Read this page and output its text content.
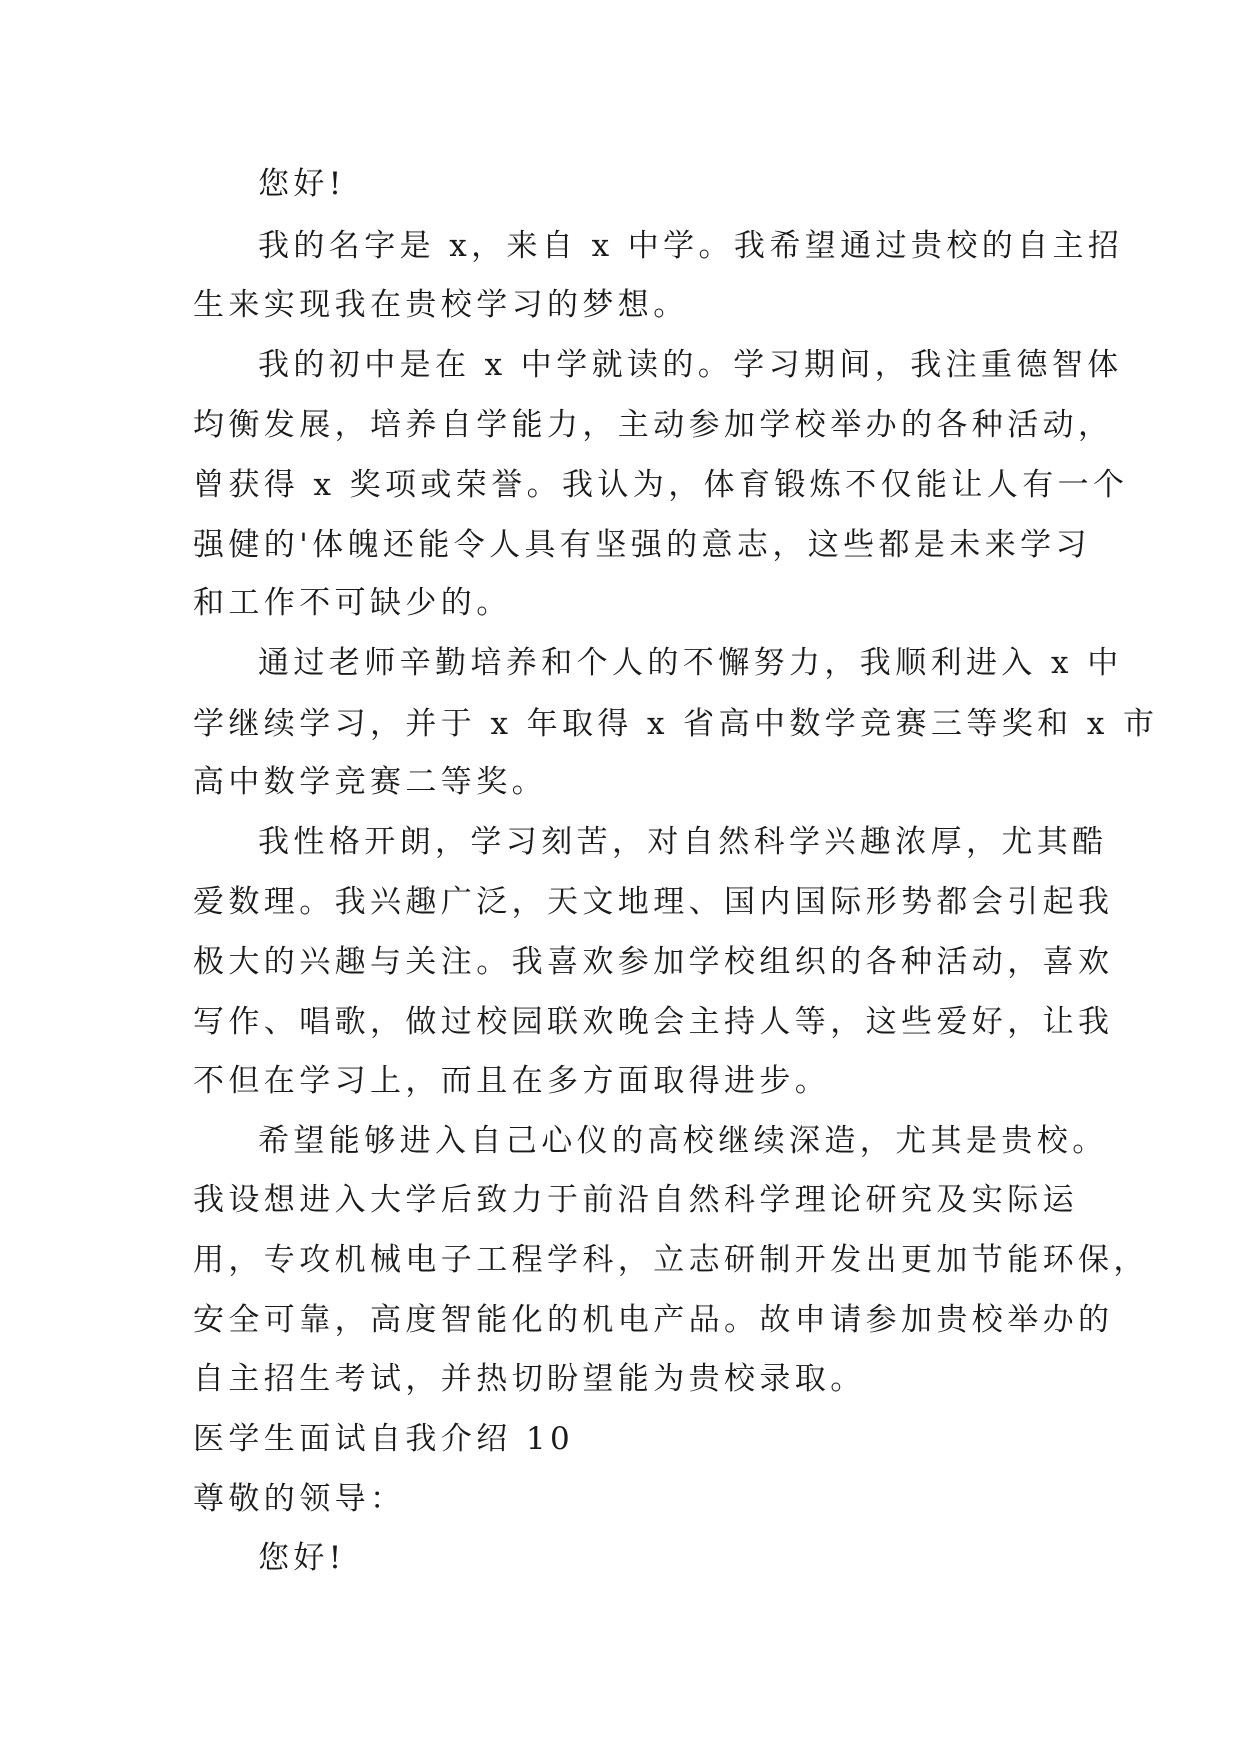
您好!

我的名字是 x，来自 x 中学。我希望通过贵校的自主招

生来实现我在贵校学习的梦想。

我的初中是在 x 中学就读的。学习期间，我注重德智体

均衡发展，培养自学能力，主动参加学校举办的各种活动，

曾获得 x 奖项或荣誉。我认为，体育锻炼不仅能让人有一个

强健的'体魄还能令人具有坚强的意志，这些都是未来学习

和工作不可缺少的。

通过老师辛勤培养和个人的不懈努力，我顺利进入 x 中

学继续学习，并于 x 年取得 x 省高中数学竞赛三等奖和 x 市

高中数学竞赛二等奖。

我性格开朗，学习刻苦，对自然科学兴趣浓厚，尤其酷

爱数理。我兴趣广泛，天文地理、国内国际形势都会引起我

极大的兴趣与关注。我喜欢参加学校组织的各种活动，喜欢

写作、唱歌，做过校园联欢晚会主持人等，这些爱好，让我

不但在学习上，而且在多方面取得进步。

希望能够进入自己心仪的高校继续深造，尤其是贵校。

我设想进入大学后致力于前沿自然科学理论研究及实际运

用，专攻机械电子工程学科，立志研制开发出更加节能环保，

安全可靠，高度智能化的机电产品。故申请参加贵校举办的

自主招生考试，并热切盼望能为贵校录取。

医学生面试自我介绍 10

尊敬的领导：

您好!
